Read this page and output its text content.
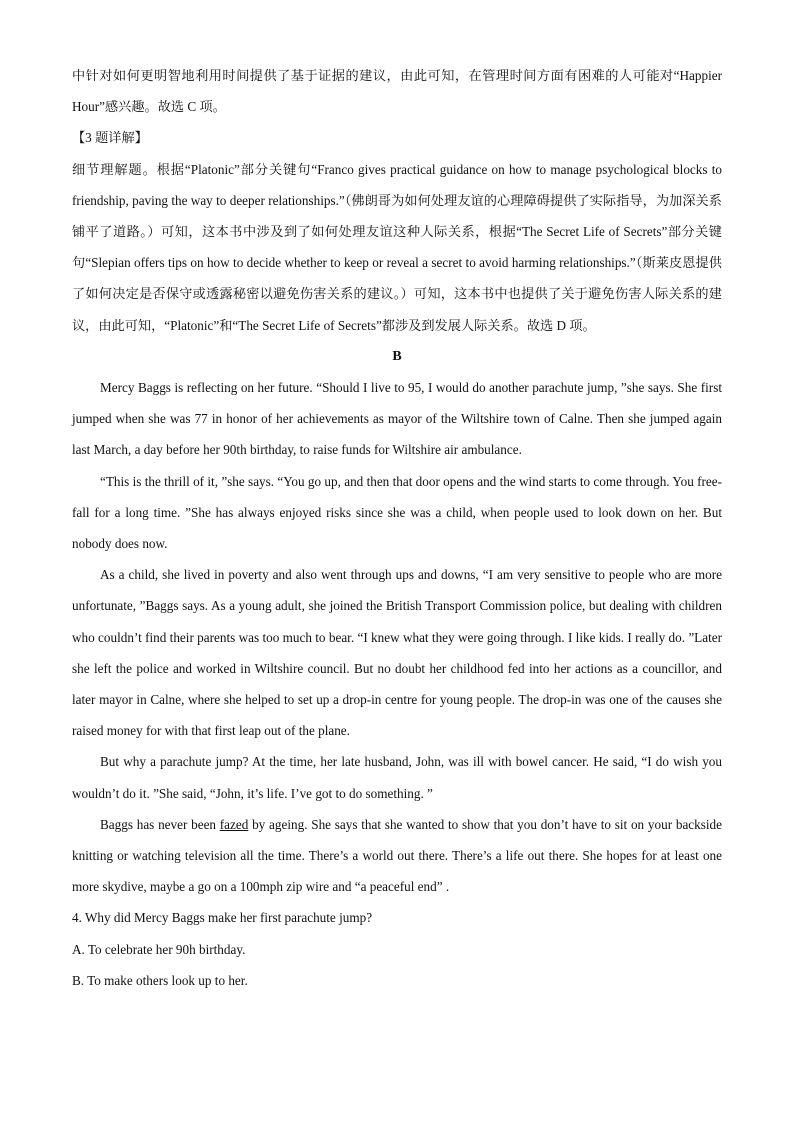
中针对如何更明智地利用时间提供了基于证据的建议，由此可知，在管理时间方面有困难的人可能对“Happier Hour”感兴趣。故选 C 项。

【3 题详解】

细节理解题。根据“Platonic”部分关键句“Franco gives practical guidance on how to manage psychological blocks to friendship, paving the way to deeper relationships.”（佛朗哥为如何处理友谊的心理障碍提供了实际指导，为加深关系铺平了道路。）可知，这本书中涉及到了如何处理友谊这种人际关系，根据“The Secret Life of Secrets”部分关键句“Slepian offers tips on how to decide whether to keep or reveal a secret to avoid harming relationships.”（斯莱皮恩提供了如何决定是否保守或透露秘密以避免伤害关系的建议。）可知，这本书中也提供了关于避免伤害人际关系的建议，由此可知，“Platonic”和“The Secret Life of Secrets”都涉及到发展人际关系。故选 D 项。

B

Mercy Baggs is reflecting on her future. “Should I live to 95, I would do another parachute jump, ”she says. She first jumped when she was 77 in honor of her achievements as mayor of the Wiltshire town of Calne. Then she jumped again last March, a day before her 90th birthday, to raise funds for Wiltshire air ambulance.

“This is the thrill of it, ”she says. “You go up, and then that door opens and the wind starts to come through. You free-fall for a long time. ”She has always enjoyed risks since she was a child, when people used to look down on her. But nobody does now.

As a child, she lived in poverty and also went through ups and downs, “I am very sensitive to people who are more unfortunate, ”Baggs says. As a young adult, she joined the British Transport Commission police, but dealing with children who couldn’t find their parents was too much to bear. “I knew what they were going through. I like kids. I really do. ”Later she left the police and worked in Wiltshire council. But no doubt her childhood fed into her actions as a councillor, and later mayor in Calne, where she helped to set up a drop-in centre for young people. The drop-in was one of the causes she raised money for with that first leap out of the plane.

But why a parachute jump? At the time, her late husband, John, was ill with bowel cancer. He said, “I do wish you wouldn’t do it. ”She said, “John, it’s life. I’ve got to do something. ”

Baggs has never been fazed by ageing. She says that she wanted to show that you don’t have to sit on your backside knitting or watching television all the time. There’s a world out there. There’s a life out there. She hopes for at least one more skydive, maybe a go on a 100mph zip wire and “a peaceful end” .

4. Why did Mercy Baggs make her first parachute jump?

A. To celebrate her 90h birthday.

B. To make others look up to her.
